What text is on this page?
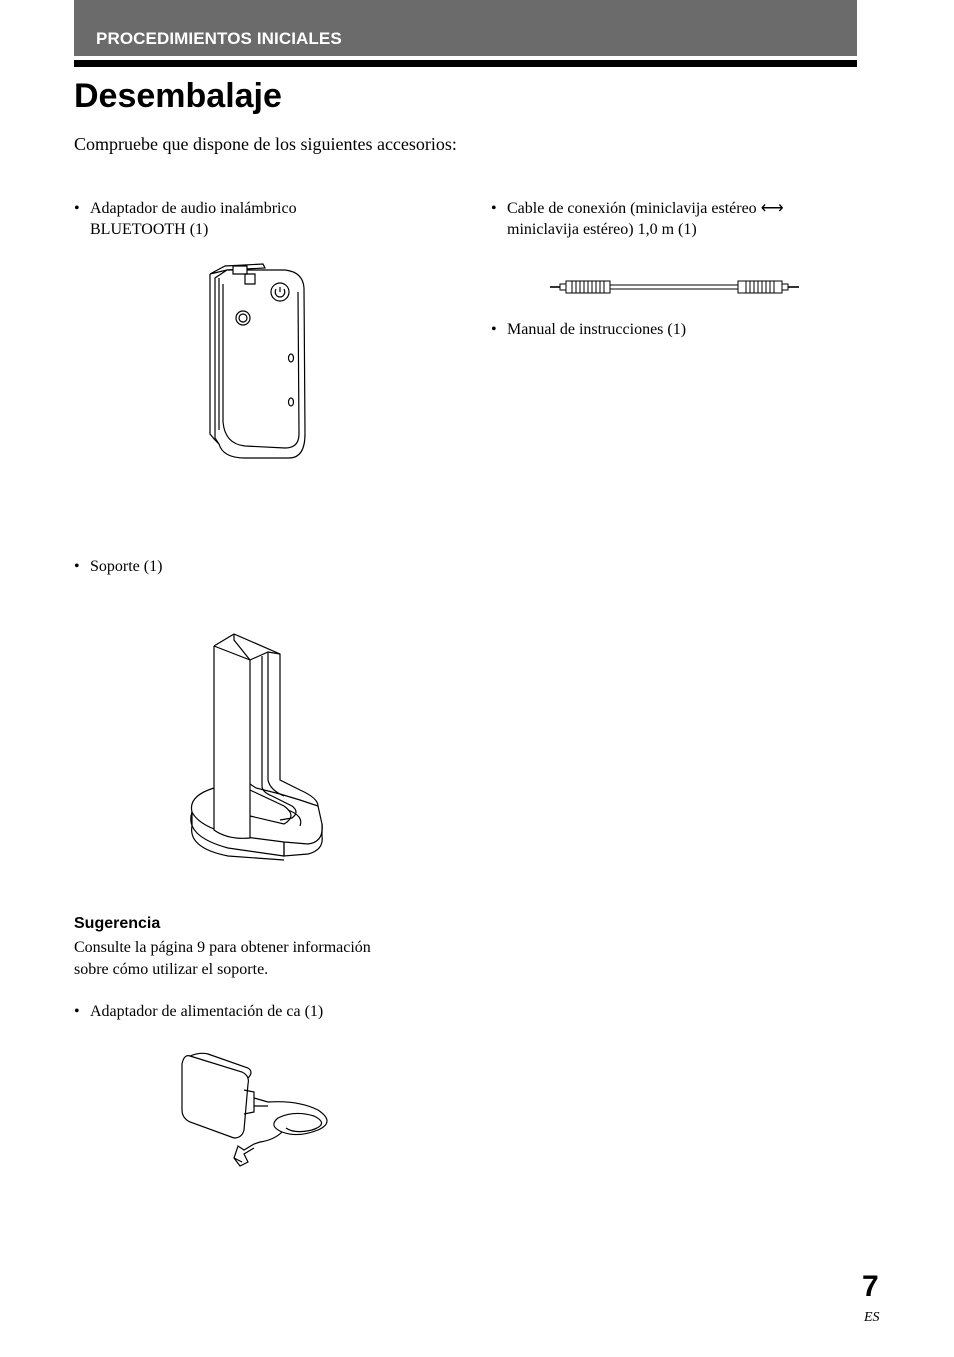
PROCEDIMIENTOS INICIALES
Desembalaje
Compruebe que dispone de los siguientes accesorios:
• Adaptador de audio inalámbrico
BLUETOOTH (1)
• Cable de conexión (miniclavija estéreo ⟷
miniclavija estéreo) 1,0 m (1)
• Manual de instrucciones (1)
• Soporte (1)
Sugerencia
Consulte la página 9 para obtener información
sobre cómo utilizar el soporte.
• Adaptador de alimentación de ca (1)
7
ES
